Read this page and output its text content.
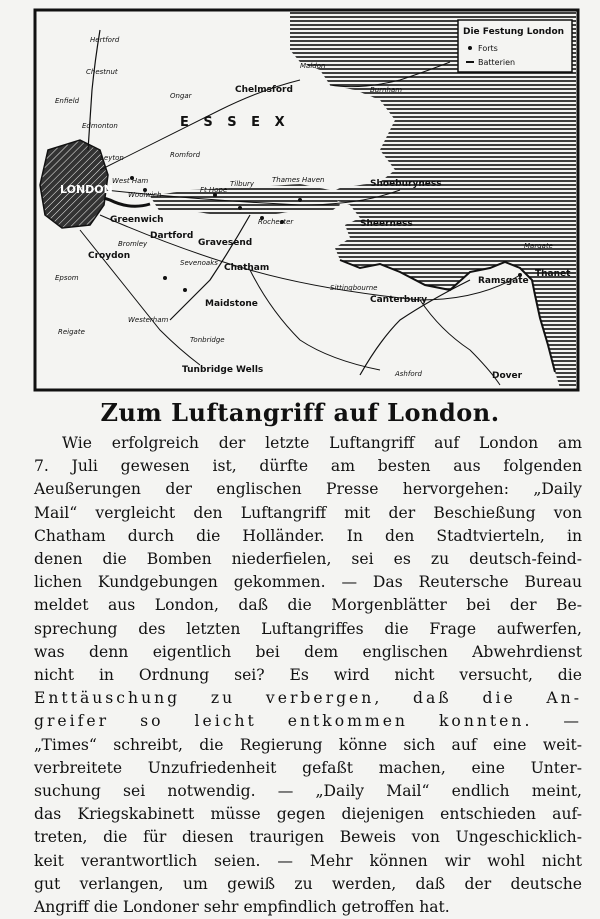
Die Festung London
Forts
Batterien
Hertford
Chestnut
Enfield
Edmonton
Ongar
Chelmsford
Maldon
Burnham
E S S E X
Leyton	Romford
LONDON
West Ham
Woolwich
Greenwich
Tilbury
Ft Hope
Thames Haven
Gravesend
Dartford
Chatham
Rochester	Sheerness
Shoeburyness
Croydon
Bromley
Sevenoaks
Maidstone
Sittingbourne
Canterbury
Margate
Ramsgate
Thanet
Tonbridge
Tunbridge Wells	Ashford	Dover
Reigate
Epsom
Westerham
Zum Luftangriff auf London.
Wie erfolgreich der letzte Luftangriff auf London am
7. Juli gewesen ist, dürfte am besten aus folgenden
Aeußerungen der englischen Presse hervorgehen: „Daily
Mail“ vergleicht den Luftangriff mit der Beschießung von
Chatham durch die Holländer. In den Stadtvierteln, in
denen die Bomben niederfielen, sei es zu deutsch-feind-
lichen Kundgebungen gekommen. — Das Reutersche Bureau
meldet aus London, daß die Morgenblätter bei der Be-
sprechung des letzten Luftangriffes die Frage aufwerfen,
was denn eigentlich bei dem englischen Abwehrdienst
nicht in Ordnung sei? Es wird nicht versucht, die
Enttäuschung zu verbergen, daß die An-
greifer so leicht entkommen konnten. —
„Times“ schreibt, die Regierung könne sich auf eine weit-
verbreitete Unzufriedenheit gefaßt machen, eine Unter-
suchung sei notwendig. — „Daily Mail“ endlich meint,
das Kriegskabinett müsse gegen diejenigen entschieden auf-
treten, die für diesen traurigen Beweis von Ungeschicklich-
keit verantwortlich seien. — Mehr können wir wohl nicht
gut verlangen, um gewiß zu werden, daß der deutsche
Angriff die Londoner sehr empfindlich getroffen hat.
